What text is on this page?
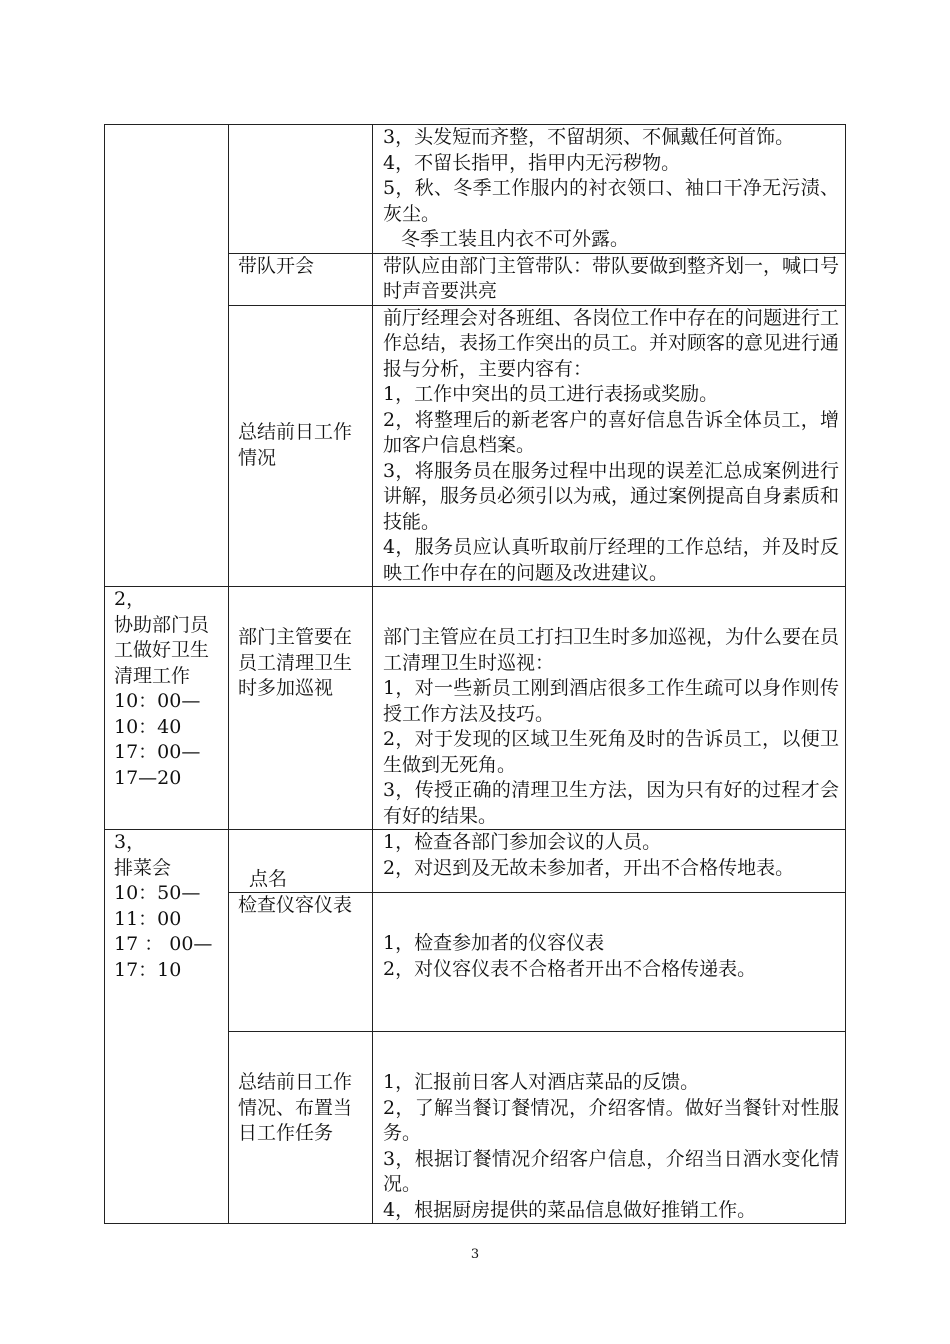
		3，头发短而齐整，不留胡须、不佩戴任何首饰。
4，不留长指甲，指甲内无污秽物。
5，秋、冬季工作服内的衬衣领口、袖口干净无污渍、灰尘。
冬季工装且内衣不可外露。

	带队开会	带队应由部门主管带队：带队要做到整齐划一，喊口号时声音要洪亮
	总结前日工作情况	前厅经理会对各班组、各岗位工作中存在的问题进行工作总结，表扬工作突出的员工。并对顾客的意见进行通报与分析，主要内容有：
1，工作中突出的员工进行表扬或奖励。
2，将整理后的新老客户的喜好信息告诉全体员工，增加客户信息档案。
3，将服务员在服务过程中出现的误差汇总成案例进行讲解，服务员必须引以为戒，通过案例提高自身素质和技能。
4，服务员应认真听取前厅经理的工作总结，并及时反映工作中存在的问题及改进建议。

2，
协助部门员工做好卫生清理工作
10：00—10：40
17：00—17—20	部门主管要在员工清理卫生时多加巡视	部门主管应在员工打扫卫生时多加巡视，为什么要在员工清理卫生时巡视：
1，对一些新员工刚到酒店很多工作生疏可以身作则传授工作方法及技巧。
2，对于发现的区域卫生死角及时的告诉员工，以便卫生做到无死角。
3，传授正确的清理卫生方法，因为只有好的过程才会有好的结果。

3，
排菜会
10：50—11：00
17 ： 00—17：10	点名	1，检查各部门参加会议的人员。
2，对迟到及无故未参加者，开出不合格传地表。

	检查仪容仪表	1，检查参加者的仪容仪表
2，对仪容仪表不合格者开出不合格传递表。

	总结前日工作情况、布置当日工作任务	1，汇报前日客人对酒店菜品的反馈。
2，了解当餐订餐情况，介绍客情。做好当餐针对性服务。
3，根据订餐情况介绍客户信息，介绍当日酒水变化情况。
4，根据厨房提供的菜品信息做好推销工作。
3
